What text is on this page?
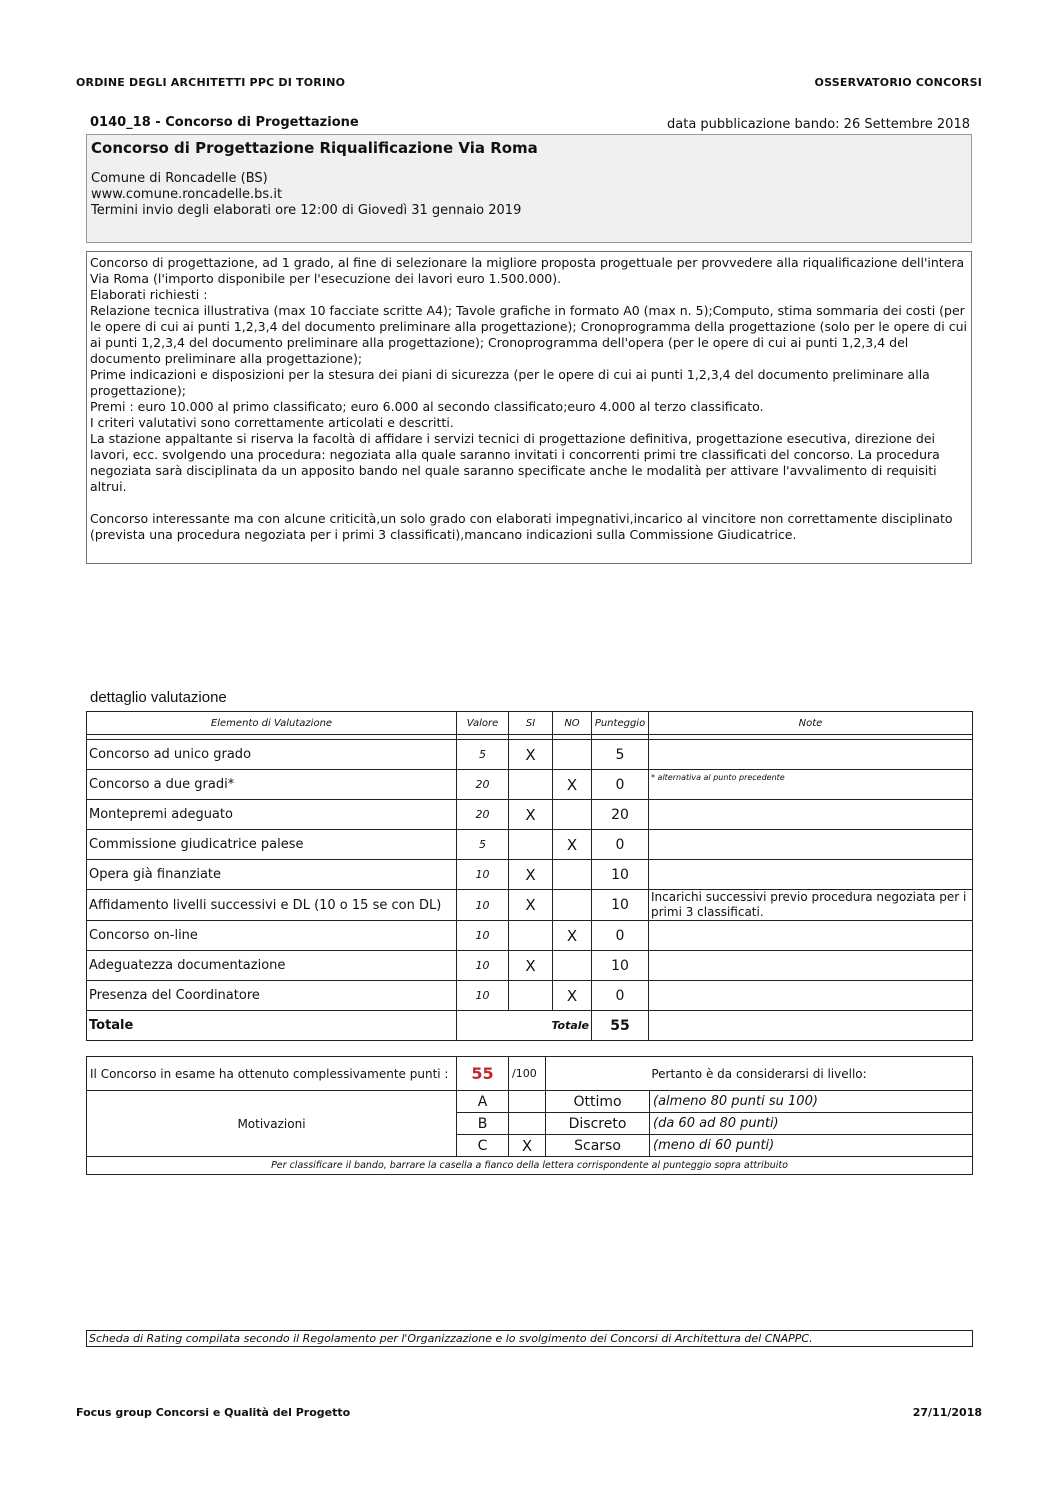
ORDINE DEGLI ARCHITETTI PPC DI TORINO	OSSERVATORIO CONCORSI
0140_18 - Concorso di Progettazione	data pubblicazione bando: 26 Settembre 2018
Concorso di Progettazione Riqualificazione Via Roma
Comune di Roncadelle (BS)
www.comune.roncadelle.bs.it
Termini invio degli elaborati ore 12:00 di Giovedì 31 gennaio 2019

Concorso di progettazione, ad 1 grado, al fine di selezionare la migliore proposta progettuale per provvedere alla riqualificazione dell'intera Via Roma (l'importo disponibile per l'esecuzione dei lavori euro 1.500.000).

Elaborati richiesti :

Relazione tecnica illustrativa (max 10 facciate scritte A4); Tavole grafiche in formato A0 (max n. 5);Computo, stima sommaria dei costi (per le opere di cui ai punti 1,2,3,4 del documento preliminare alla progettazione); Cronoprogramma della progettazione (solo per le opere di cui ai punti 1,2,3,4 del documento preliminare alla progettazione); Cronoprogramma dell'opera (per le opere di cui ai punti 1,2,3,4 del documento preliminare alla progettazione);

Prime indicazioni e disposizioni per la stesura dei piani di sicurezza (per le opere di cui ai punti 1,2,3,4 del documento preliminare alla progettazione);

Premi : euro 10.000 al primo classificato; euro 6.000 al secondo classificato;euro 4.000 al terzo classificato.

I criteri valutativi sono correttamente articolati e descritti.

La stazione appaltante si riserva la facoltà di affidare i servizi tecnici di progettazione definitiva, progettazione esecutiva, direzione dei lavori, ecc. svolgendo una procedura: negoziata alla quale saranno invitati i concorrenti primi tre classificati del concorso. La procedura negoziata sarà disciplinata da un apposito bando nel quale saranno specificate anche le modalità per attivare l'avvalimento di requisiti altrui.

Concorso interessante ma con alcune criticità,un solo grado con elaborati impegnativi,incarico al vincitore non correttamente disciplinato (prevista una procedura negoziata per i primi 3 classificati),mancano indicazioni sulla Commissione Giudicatrice.

dettaglio valutazione
Elemento di Valutazione	Valore	SI	NO	Punteggio	Note

Concorso ad unico grado	5	X		5	
Concorso a due gradi*	20		X	0	* alternativa al punto precedente
Montepremi adeguato	20	X		20	
Commissione giudicatrice palese	5		X	0	
Opera già finanziate	10	X		10	
Affidamento livelli successivi e DL (10 o 15 se con DL)	10	X		10	Incarichi successivi previo procedura negoziata per i primi 3 classificati.
Concorso on-line	10		X	0	
Adeguatezza documentazione	10	X		10	
Presenza del Coordinatore	10		X	0	
Totale	Totale			55	
Il Concorso in esame ha ottenuto complessivamente punti :	55	/100	Pertanto è da considerarsi di livello:	
Motivazioni	A		Ottimo	(almeno 80 punti su 100)
	B		Discreto	(da 60 ad 80 punti)
	C	X	Scarso	(meno di 60 punti)
Per classificare il bando, barrare la casella a fianco della lettera corrispondente al punteggio sopra attribuito				
Scheda di Rating compilata secondo il Regolamento per l'Organizzazione e lo svolgimento dei Concorsi di Architettura del CNAPPC.
Focus group Concorsi e Qualità del Progetto	27/11/2018
